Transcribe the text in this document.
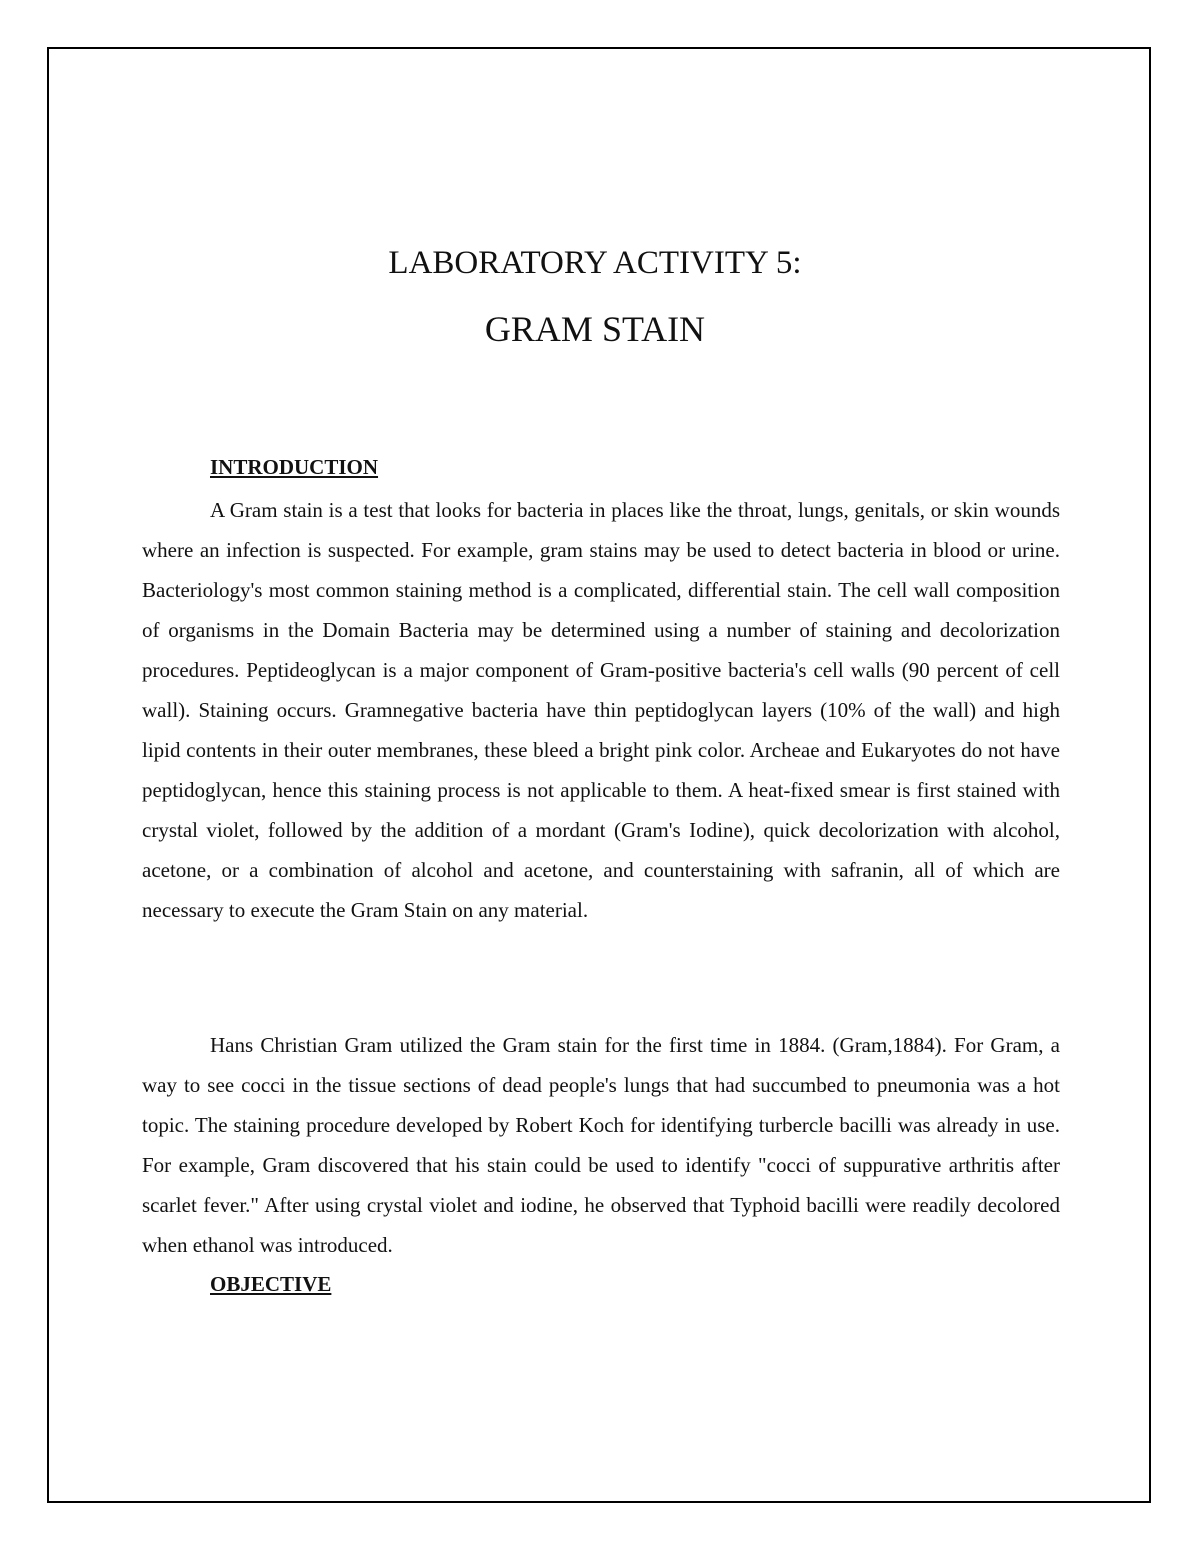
LABORATORY ACTIVITY 5:
GRAM STAIN
INTRODUCTION

A Gram stain is a test that looks for bacteria in places like the throat, lungs, genitals, or skin wounds where an infection is suspected. For example, gram stains may be used to detect bacteria in blood or urine. Bacteriology's most common staining method is a complicated, differential stain. The cell wall composition of organisms in the Domain Bacteria may be determined using a number of staining and decolorization procedures. Peptideoglycan is a major component of Gram-positive bacteria's cell walls (90 percent of cell wall). Staining occurs. Gramnegative bacteria have thin peptidoglycan layers (10% of the wall) and high lipid contents in their outer membranes, these bleed a bright pink color. Archeae and Eukaryotes do not have peptidoglycan, hence this staining process is not applicable to them. A heat-fixed smear is first stained with crystal violet, followed by the addition of a mordant (Gram's Iodine), quick decolorization with alcohol, acetone, or a combination of alcohol and acetone, and counterstaining with safranin, all of which are necessary to execute the Gram Stain on any material.

Hans Christian Gram utilized the Gram stain for the first time in 1884. (Gram,1884). For Gram, a way to see cocci in the tissue sections of dead people's lungs that had succumbed to pneumonia was a hot topic. The staining procedure developed by Robert Koch for identifying turbercle bacilli was already in use. For example, Gram discovered that his stain could be used to identify "cocci of suppurative arthritis after scarlet fever." After using crystal violet and iodine, he observed that Typhoid bacilli were readily decolored when ethanol was introduced.

OBJECTIVE
